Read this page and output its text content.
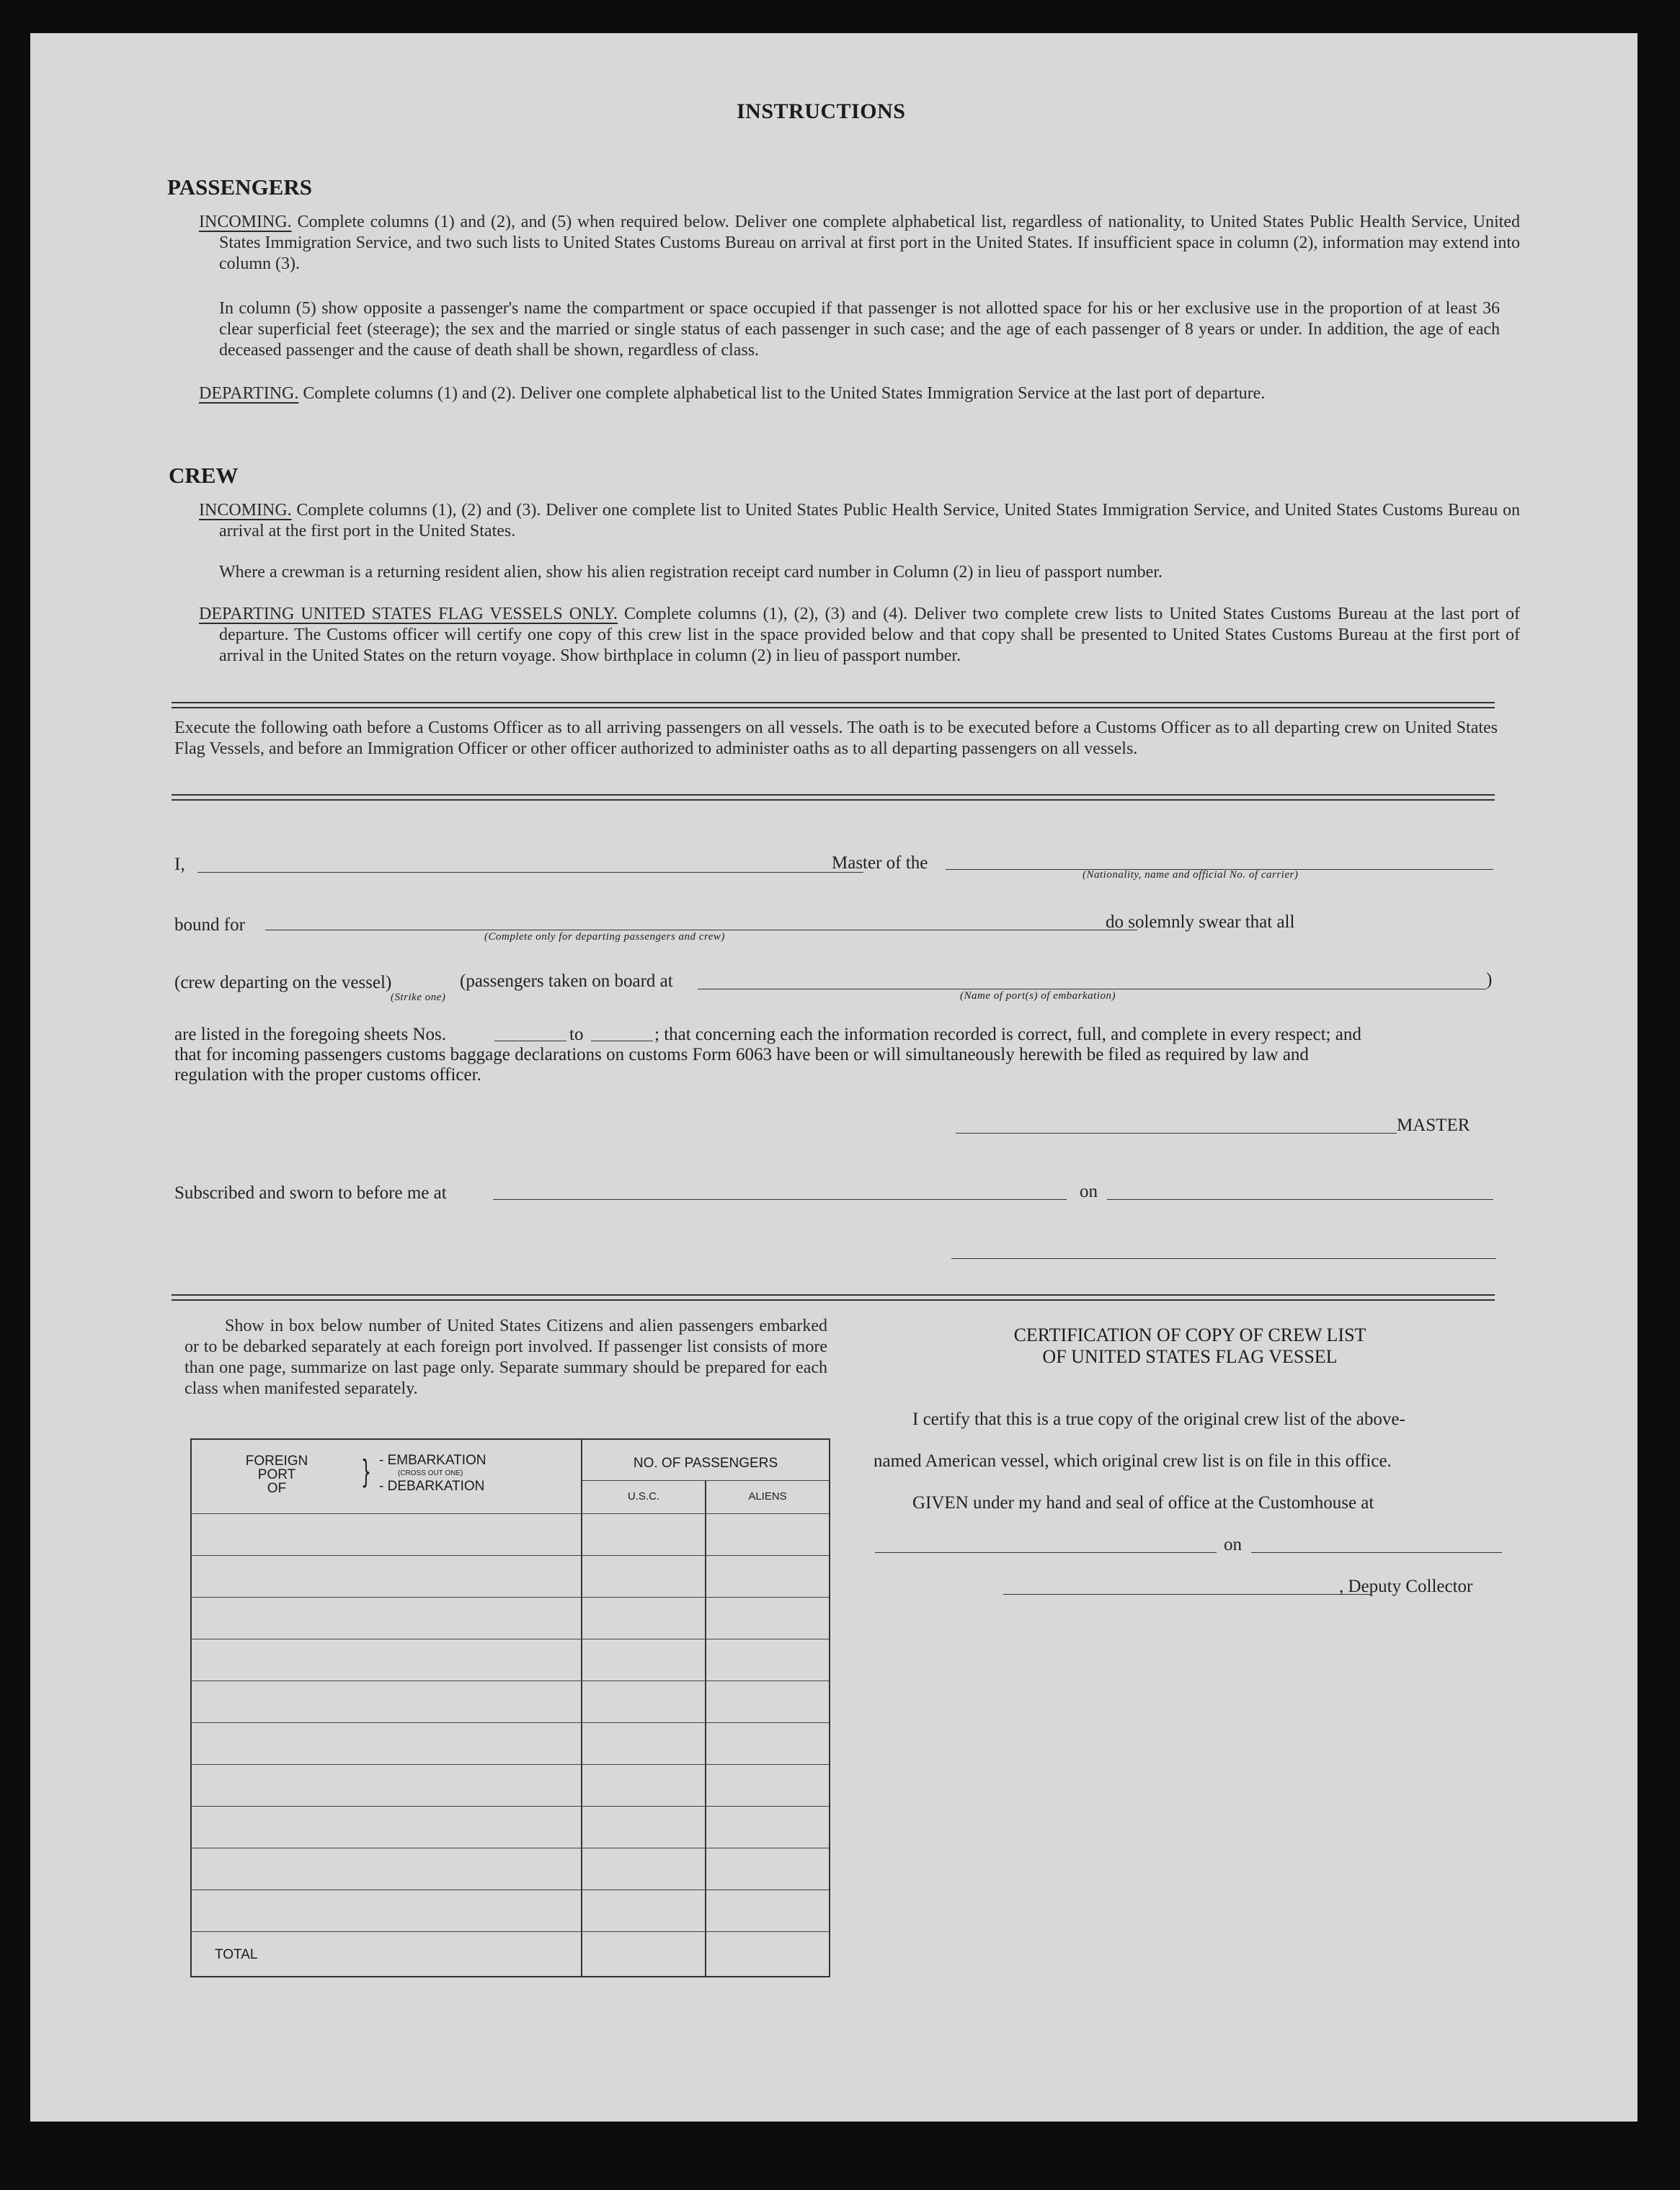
INSTRUCTIONS
PASSENGERS
INCOMING. Complete columns (1) and (2), and (5) when required below. Deliver one complete alphabetical list, regardless of nationality, to United States Public Health Service, United States Immigration Service, and two such lists to United States Customs Bureau on arrival at first port in the United States. If insufficient space in column (2), information may extend into column (3).
In column (5) show opposite a passenger's name the compartment or space occupied if that passenger is not allotted space for his or her exclusive use in the proportion of at least 36 clear superficial feet (steerage); the sex and the married or single status of each passenger in such case; and the age of each passenger of 8 years or under. In addition, the age of each deceased passenger and the cause of death shall be shown, regardless of class.
DEPARTING. Complete columns (1) and (2). Deliver one complete alphabetical list to the United States Immigration Service at the last port of departure.
CREW
INCOMING. Complete columns (1), (2) and (3). Deliver one complete list to United States Public Health Service, United States Immigration Service, and United States Customs Bureau on arrival at the first port in the United States.
Where a crewman is a returning resident alien, show his alien registration receipt card number in Column (2) in lieu of passport number.
DEPARTING UNITED STATES FLAG VESSELS ONLY. Complete columns (1), (2), (3) and (4). Deliver two complete crew lists to United States Customs Bureau at the last port of departure. The Customs officer will certify one copy of this crew list in the space provided below and that copy shall be presented to United States Customs Bureau at the first port of arrival in the United States on the return voyage. Show birthplace in column (2) in lieu of passport number.
Execute the following oath before a Customs Officer as to all arriving passengers on all vessels. The oath is to be executed before a Customs Officer as to all departing crew on United States Flag Vessels, and before an Immigration Officer or other officer authorized to administer oaths as to all departing passengers on all vessels.
I,	Master of the
(Nationality, name and official No. of carrier)
bound for
(Complete only for departing passengers and crew)
do solemnly swear that all
(crew departing on the vessel)
(Strike one)
(passengers taken on board at	)
(Name of port(s) of embarkation)
are listed in the foregoing sheets Nos.	to	; that concerning each the information recorded is correct, full, and complete in every respect; and
that for incoming passengers customs baggage declarations on customs Form 6063 have been or will simultaneously herewith be filed as required by law and
regulation with the proper customs officer.
MASTER
Subscribed and sworn to before me at	on
Show in box below number of United States Citizens and alien passengers embarked or to be debarked separately at each foreign port involved. If passenger list consists of more than one page, summarize on last page only. Separate summary should be prepared for each class when manifested separately.
FOREIGN
PORT
OF	} - EMBARKATION
(CROSS OUT ONE)
- DEBARKATION
NO. OF PASSENGERS
U.S.C.	ALIENS
TOTAL
CERTIFICATION OF COPY OF CREW LIST
OF UNITED STATES FLAG VESSEL
I certify that this is a true copy of the original crew list of the above-
named American vessel, which original crew list is on file in this office.
GIVEN under my hand and seal of office at the Customhouse at
on
, Deputy Collector
